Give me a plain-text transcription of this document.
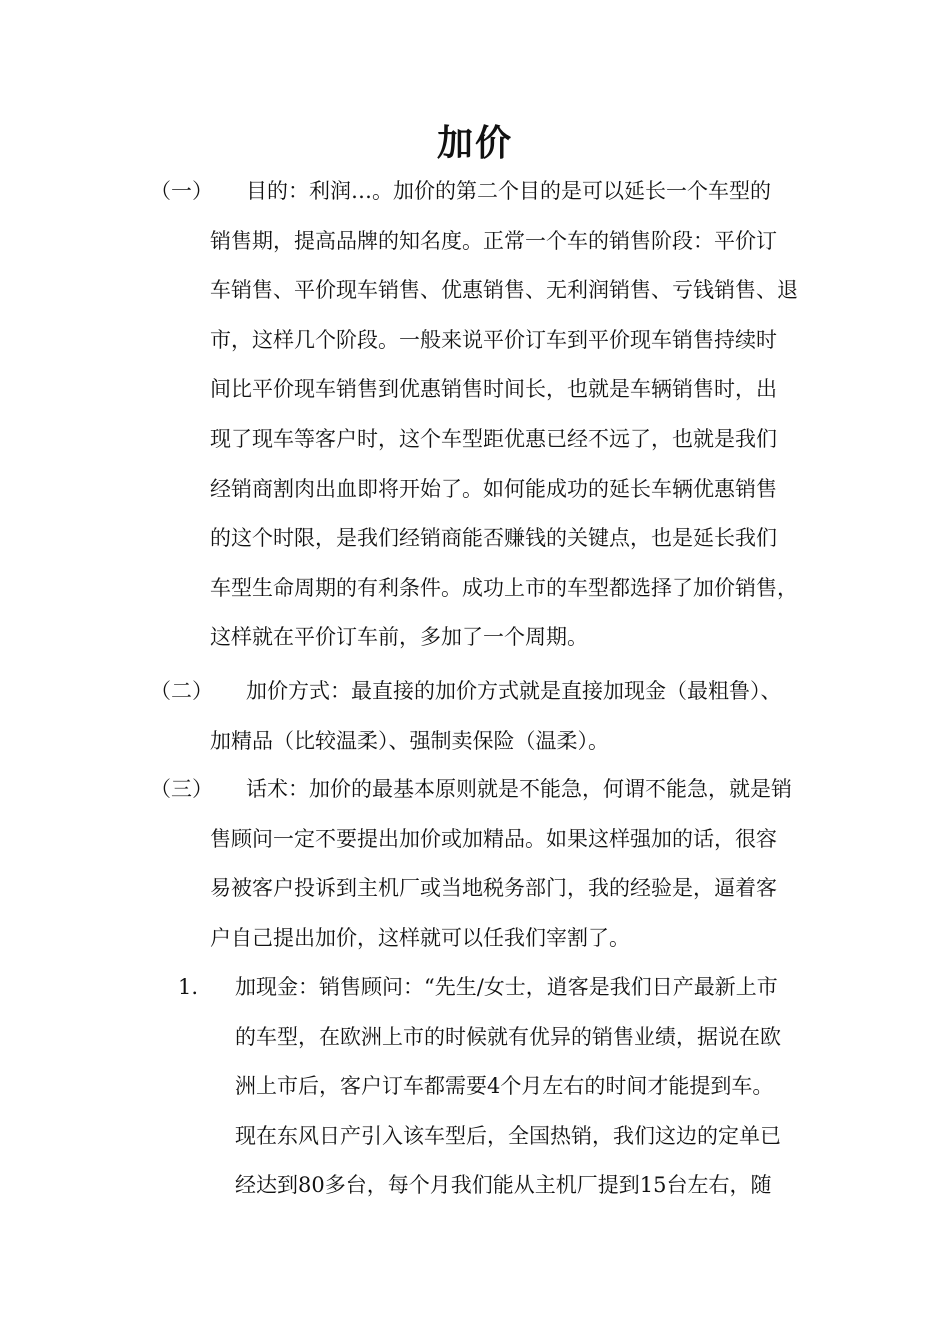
加价
（一） 目的：利润…。加价的第二个目的是可以延长一个车型的
销售期，提高品牌的知名度。正常一个车的销售阶段：平价订
车销售、平价现车销售、优惠销售、无利润销售、亏钱销售、退
市，这样几个阶段。一般来说平价订车到平价现车销售持续时
间比平价现车销售到优惠销售时间长，也就是车辆销售时，出
现了现车等客户时，这个车型距优惠已经不远了，也就是我们
经销商割肉出血即将开始了。如何能成功的延长车辆优惠销售
的这个时限，是我们经销商能否赚钱的关键点，也是延长我们
车型生命周期的有利条件。成功上市的车型都选择了加价销售，
这样就在平价订车前，多加了一个周期。
（二） 加价方式：最直接的加价方式就是直接加现金（最粗鲁）、
加精品（比较温柔）、强制卖保险（温柔）。
（三） 话术：加价的最基本原则就是不能急，何谓不能急，就是销
售顾问一定不要提出加价或加精品。如果这样强加的话，很容
易被客户投诉到主机厂或当地税务部门，我的经验是，逼着客
户自己提出加价，这样就可以任我们宰割了。
1. 加现金：销售顾问：“先生/女士，逍客是我们日产最新上市
的车型，在欧洲上市的时候就有优异的销售业绩，据说在欧
洲上市后，客户订车都需要4个月左右的时间才能提到车。
现在东风日产引入该车型后，全国热销，我们这边的定单已
经达到80多台，每个月我们能从主机厂提到15台左右，随
